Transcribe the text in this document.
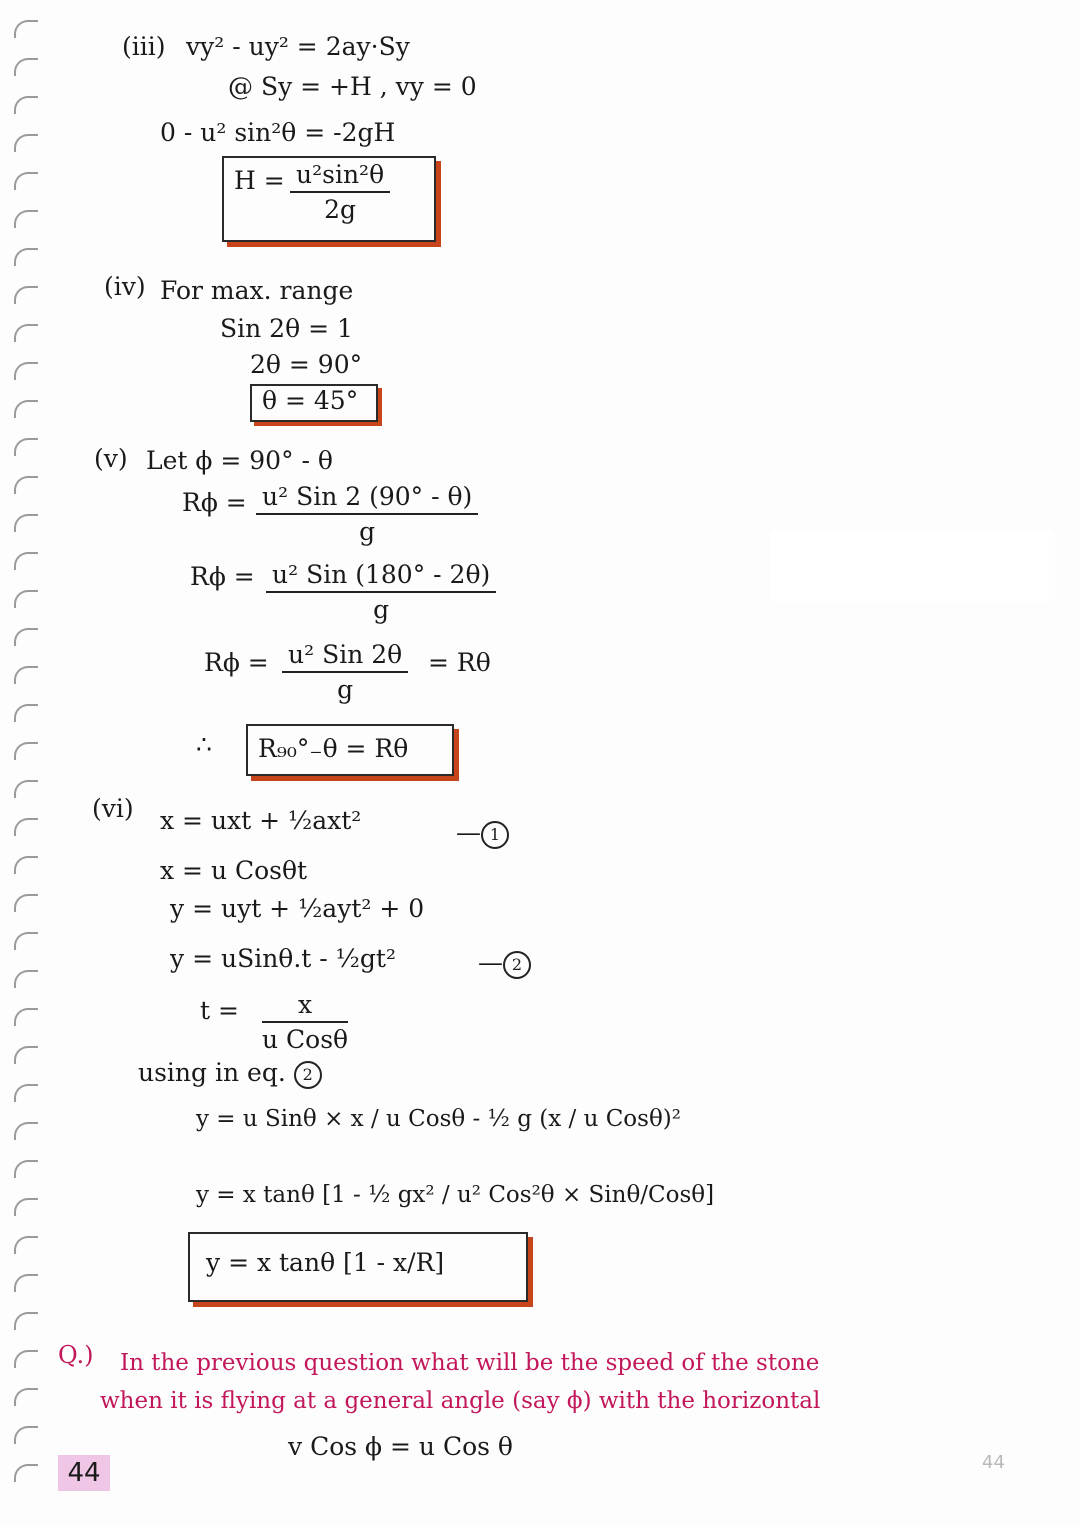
(iii) vy² - uy² = 2ay·Sy
@ Sy = +H , vy = 0
0 - u² sin²θ = -2gH
$H = \frac{\text{u²sin²θ}}{2g}$
(iv) For max. range
Sin 2θ = 1
2θ = 90°
θ = 45°
(v) Let ϕ = 90° - θ
Rϕ = u² Sin 2 (90° - θ)
g
Rϕ = u² Sin (180° - 2θ)
g
Rϕ = u² Sin 2θ
g
= Rθ
∴ R₉₀°₋θ = Rθ
(vi) x = uxt + ½axt²	— 1
x = u Cosθt
y = uyt + ½ayt² + 0
y = uSinθ.t - ½gt²	— 2
t =	x
u Cosθ
using in eq. 2
y = u Sinθ × x / u Cosθ - ½ g (x / u Cosθ)²
y = x tanθ [1 - ½ gx² / u² Cos²θ × Sinθ/Cosθ]
y = x tanθ [1 - x/R]
Q.) In the previous question what will be the speed of the stone
when it is flying at a general angle (say ϕ) with the horizontal
v Cos ϕ = u Cos θ
44	44
